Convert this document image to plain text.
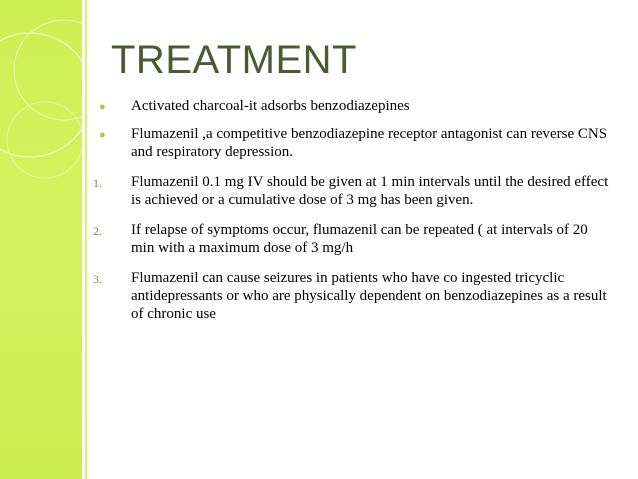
TREATMENT
● Activated charcoal-it adsorbs benzodiazepines
● Flumazenil ,a competitive benzodiazepine receptor antagonist can reverse CNS and respiratory depression.
1. Flumazenil 0.1 mg IV should be given at 1 min intervals until the desired effect is achieved or a cumulative dose of 3 mg has been given.
2. If relapse of symptoms occur, flumazenil can be repeated ( at intervals of 20 min with a maximum dose of 3 mg/h
3. Flumazenil can cause seizures in patients who have co ingested tricyclic antidepressants or who are physically dependent on benzodiazepines as a result of chronic use
